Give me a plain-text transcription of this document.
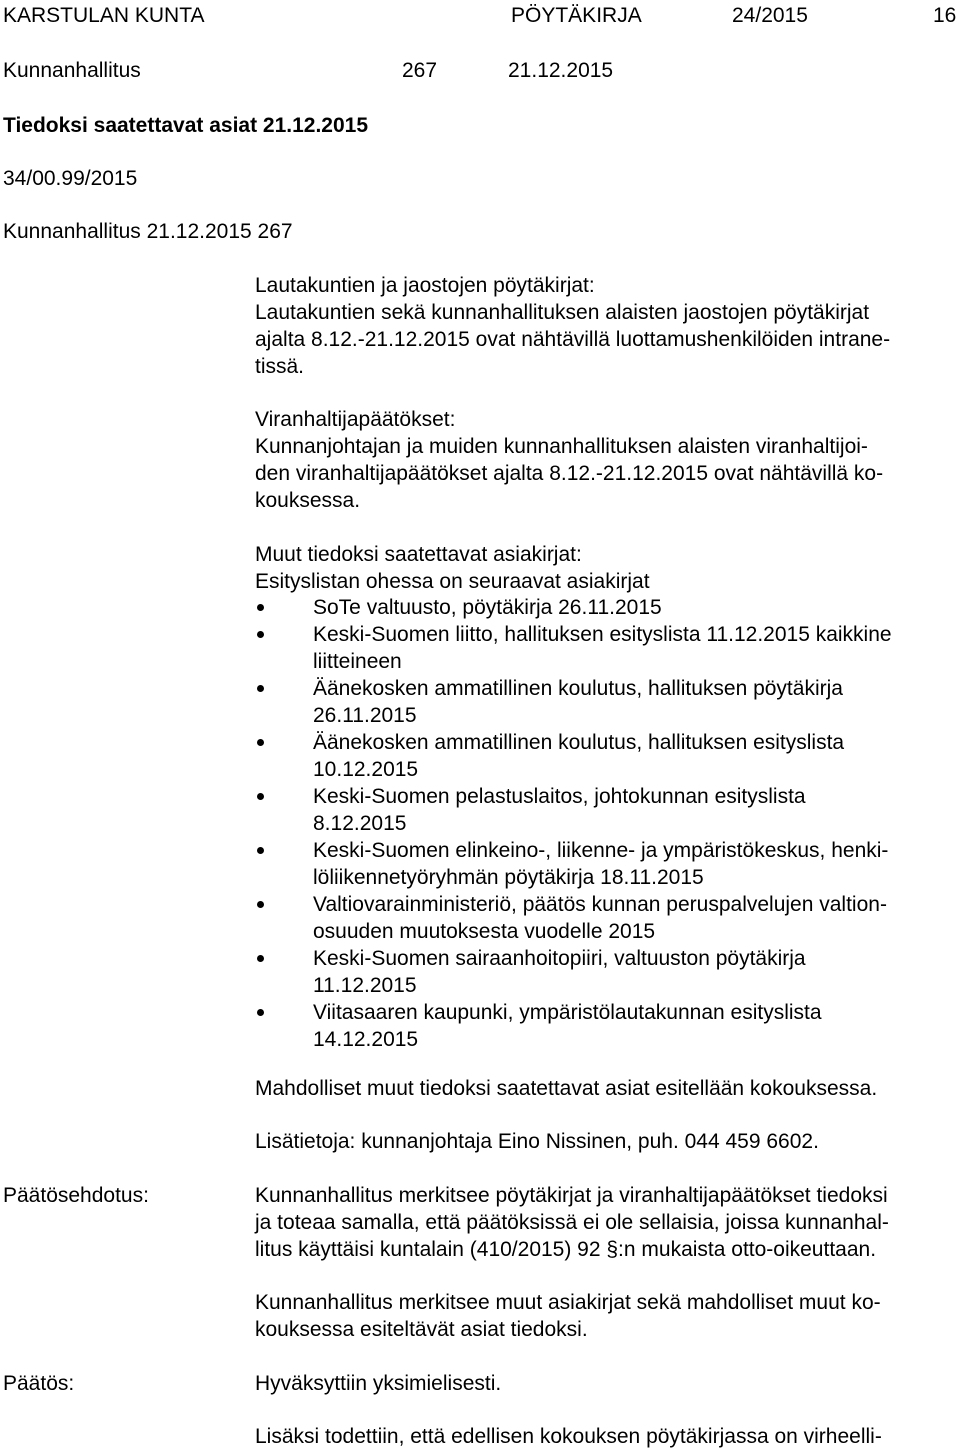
KARSTULAN KUNTA	PÖYTÄKIRJA	24/2015	16
Kunnanhallitus	267	21.12.2015
Tiedoksi saatettavat asiat 21.12.2015
34/00.99/2015
Kunnanhallitus 21.12.2015 267
Lautakuntien ja jaostojen pöytäkirjat:
Lautakuntien sekä kunnanhallituksen alaisten jaostojen pöytäkirjat
ajalta 8.12.-21.12.2015 ovat nähtävillä luottamushenkilöiden intrane-
tissä.
Viranhaltijapäätökset:
Kunnanjohtajan ja muiden kunnanhallituksen alaisten viranhaltijoi-
den viranhaltijapäätökset ajalta 8.12.-21.12.2015 ovat nähtävillä ko-
kouksessa.
Muut tiedoksi saatettavat asiakirjat:
Esityslistan ohessa on seuraavat asiakirjat
SoTe valtuusto, pöytäkirja 26.11.2015
Keski-Suomen liitto, hallituksen esityslista 11.12.2015 kaikkine
liitteineen
Äänekosken ammatillinen koulutus, hallituksen pöytäkirja
26.11.2015
Äänekosken ammatillinen koulutus, hallituksen esityslista
10.12.2015
Keski-Suomen pelastuslaitos, johtokunnan esityslista
8.12.2015
Keski-Suomen elinkeino-, liikenne- ja ympäristökeskus, henki-
löliikennetyöryhmän pöytäkirja 18.11.2015
Valtiovarainministeriö, päätös kunnan peruspalvelujen valtion-
osuuden muutoksesta vuodelle 2015
Keski-Suomen sairaanhoitopiiri, valtuuston pöytäkirja
11.12.2015
Viitasaaren kaupunki, ympäristölautakunnan esityslista
14.12.2015
Mahdolliset muut tiedoksi saatettavat asiat esitellään kokouksessa.
Lisätietoja: kunnanjohtaja Eino Nissinen, puh. 044 459 6602.
Päätösehdotus:	Kunnanhallitus merkitsee pöytäkirjat ja viranhaltijapäätökset tiedoksi
ja toteaa samalla, että päätöksissä ei ole sellaisia, joissa kunnanhal-
litus käyttäisi kuntalain (410/2015) 92 §:n mukaista otto-oikeuttaan.
Kunnanhallitus merkitsee muut asiakirjat sekä mahdolliset muut ko-
kouksessa esiteltävät asiat tiedoksi.
Päätös:	Hyväksyttiin yksimielisesti.
Lisäksi todettiin, että edellisen kokouksen pöytäkirjassa on virheelli-
